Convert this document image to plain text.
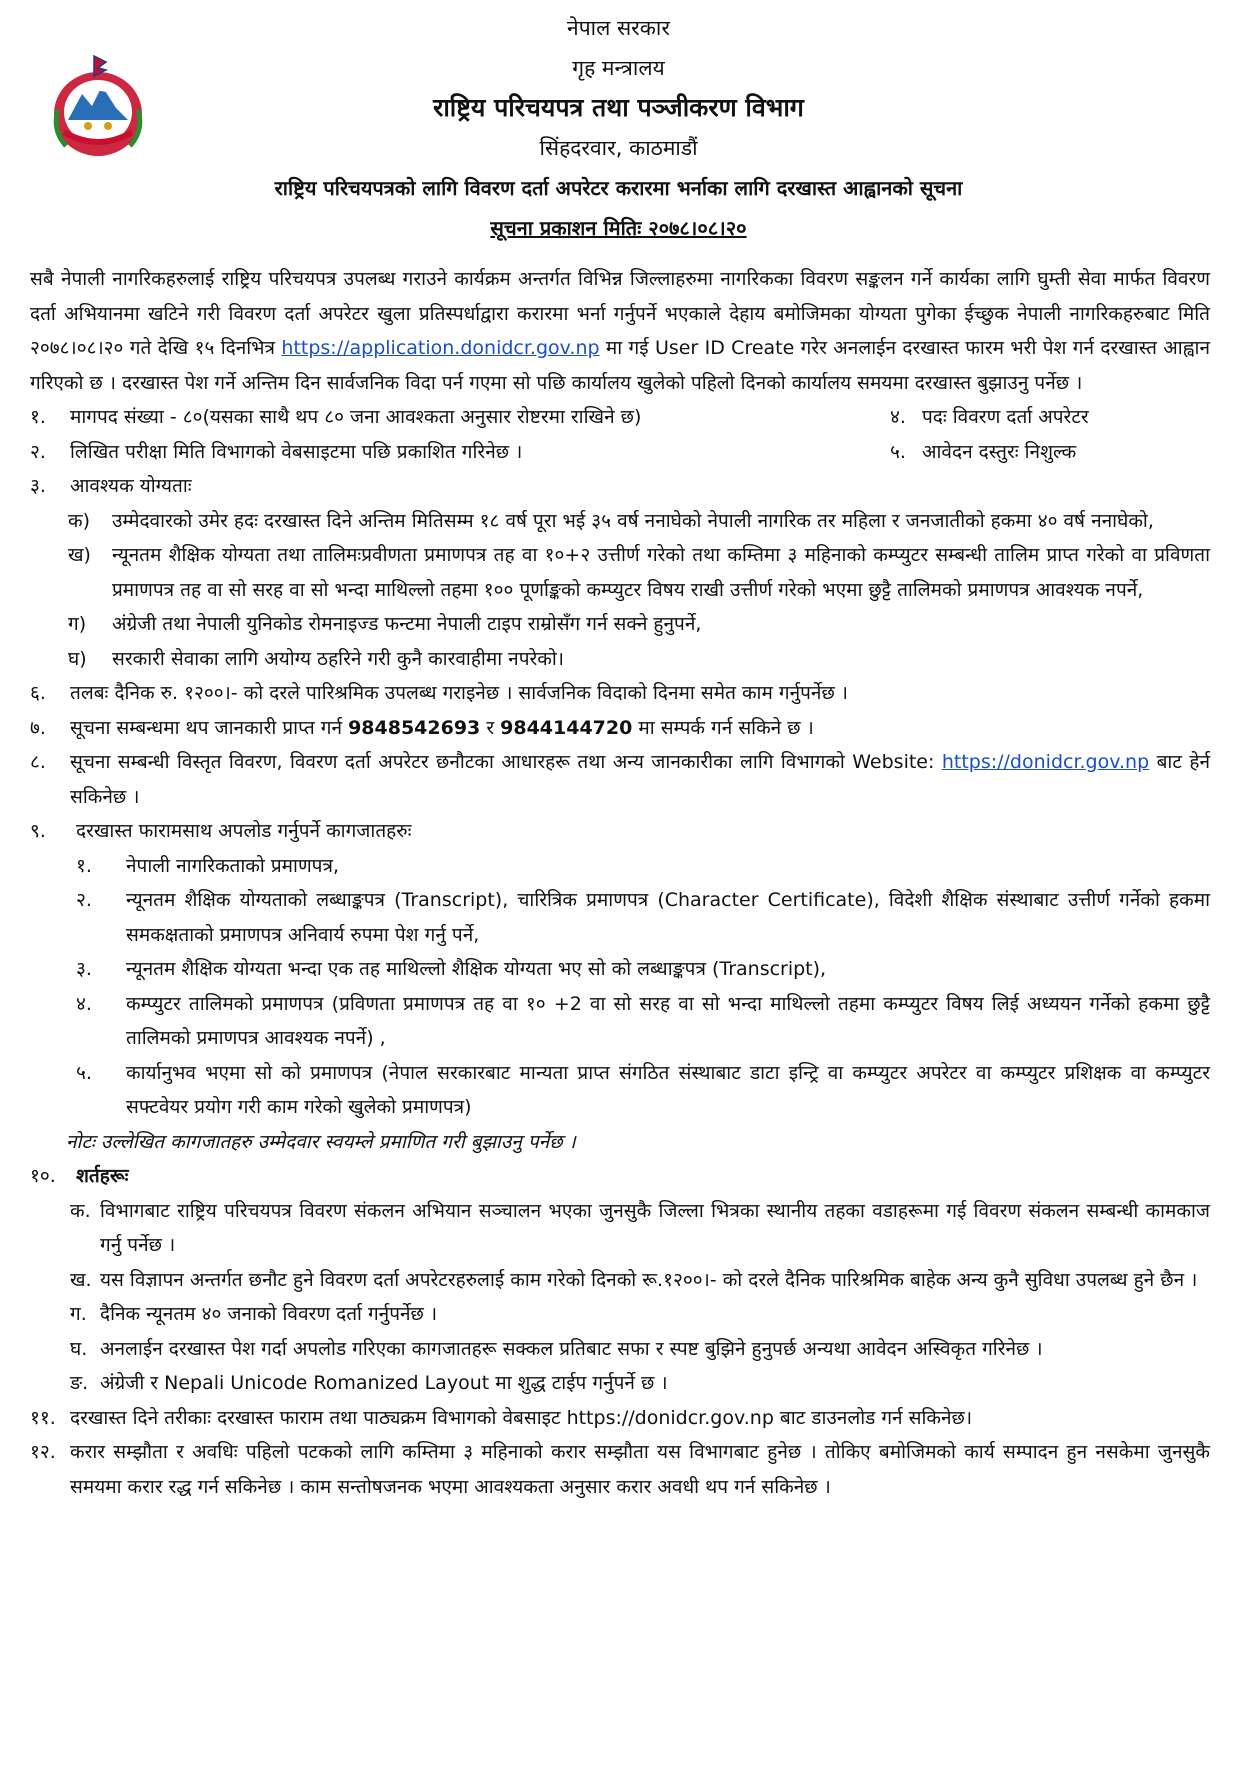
नेपाल सरकार
गृह मन्त्रालय
राष्ट्रिय परिचयपत्र तथा पञ्जीकरण विभाग
सिंहदरवार, काठमाडौं
राष्ट्रिय परिचयपत्रको लागि विवरण दर्ता अपरेटर करारमा भर्नाका लागि दरखास्त आह्वानको सूचना
सूचना प्रकाशन मितिः २०७८।०८।२०

सबै नेपाली नागरिकहरुलाई राष्ट्रिय परिचयपत्र उपलब्ध गराउने कार्यक्रम अन्तर्गत विभिन्न जिल्लाहरुमा नागरिकका विवरण सङ्कलन गर्ने कार्यका लागि घुम्ती सेवा मार्फत विवरण दर्ता अभियानमा खटिने गरी विवरण दर्ता अपरेटर खुला प्रतिस्पर्धाद्वारा करारमा भर्ना गर्नुपर्ने भएकाले देहाय बमोजिमका योग्यता पुगेका ईच्छुक नेपाली नागरिकहरुबाट मिति २०७८।०८।२० गते देखि १५ दिनभित्र https://application.donidcr.gov.np मा गई User ID Create गरेर अनलाईन दरखास्त फारम भरी पेश गर्न दरखास्त आह्वान गरिएको छ । दरखास्त पेश गर्ने अन्तिम दिन सार्वजनिक विदा पर्न गएमा सो पछि कार्यालय खुलेको पहिलो दिनको कार्यालय समयमा दरखास्त बुझाउनु पर्नेछ ।

१. मागपद संख्या - ८०(यसका साथै थप ८० जना आवश्कता अनुसार रोष्टरमा राखिने छ)	४. पदः विवरण दर्ता अपरेटर
२. लिखित परीक्षा मिति विभागको वेबसाइटमा पछि प्रकाशित गरिनेछ ।	५. आवेदन दस्तुरः निशुल्क
३. आवश्यक योग्यताः
क) उम्मेदवारको उमेर हदः दरखास्त दिने अन्तिम मितिसम्म १८ वर्ष पूरा भई ३५ वर्ष ननाघेको नेपाली नागरिक तर महिला र जनजातीको हकमा ४० वर्ष ननाघेको,
ख) न्यूनतम शैक्षिक योग्यता तथा तालिमःप्रवीणता प्रमाणपत्र तह वा १०+२ उत्तीर्ण गरेको तथा कम्तिमा ३ महिनाको कम्प्युटर सम्बन्धी तालिम प्राप्त गरेको वा प्रविणता प्रमाणपत्र तह वा सो सरह वा सो भन्दा माथिल्लो तहमा १०० पूर्णाङ्कको कम्प्युटर विषय राखी उत्तीर्ण गरेको भएमा छुट्टै तालिमको प्रमाणपत्र आवश्यक नपर्ने,
ग) अंग्रेजी तथा नेपाली युनिकोड रोमनाइज्ड फन्टमा नेपाली टाइप राम्रोसँग गर्न सक्ने हुनुपर्ने,
घ) सरकारी सेवाका लागि अयोग्य ठहरिने गरी कुनै कारवाहीमा नपरेको।
६. तलबः दैनिक रु. १२००।- को दरले पारिश्रमिक उपलब्ध गराइनेछ । सार्वजनिक विदाको दिनमा समेत काम गर्नुपर्नेछ ।
७. सूचना सम्बन्धमा थप जानकारी प्राप्त गर्न 9848542693 र 9844144720 मा सम्पर्क गर्न सकिने छ ।
८. सूचना सम्बन्धी विस्तृत विवरण, विवरण दर्ता अपरेटर छनौटका आधारहरू तथा अन्य जानकारीका लागि विभागको Website: https://donidcr.gov.np बाट हेर्न सकिनेछ ।
९. दरखास्त फारामसाथ अपलोड गर्नुपर्ने कागजातहरुः
१. नेपाली नागरिकताको प्रमाणपत्र,
२. न्यूनतम शैक्षिक योग्यताको लब्धाङ्कपत्र (Transcript), चारित्रिक प्रमाणपत्र (Character Certificate), विदेशी शैक्षिक संस्थाबाट उत्तीर्ण गर्नेको हकमा समकक्षताको प्रमाणपत्र अनिवार्य रुपमा पेश गर्नु पर्ने,
३. न्यूनतम शैक्षिक योग्यता भन्दा एक तह माथिल्लो शैक्षिक योग्यता भए सो को लब्धाङ्कपत्र (Transcript),
४. कम्प्युटर तालिमको प्रमाणपत्र (प्रविणता प्रमाणपत्र तह वा १० +2 वा सो सरह वा सो भन्दा माथिल्लो तहमा कम्प्युटर विषय लिई अध्ययन गर्नेको हकमा छुट्टै तालिमको प्रमाणपत्र आवश्यक नपर्ने) ,
५. कार्यानुभव भएमा सो को प्रमाणपत्र (नेपाल सरकारबाट मान्यता प्राप्त संगठित संस्थाबाट डाटा इन्ट्रि वा कम्प्युटर अपरेटर वा कम्प्युटर प्रशिक्षक वा कम्प्युटर सफ्टवेयर प्रयोग गरी काम गरेको खुलेको प्रमाणपत्र)
नोटः उल्लेखित कागजातहरु उम्मेदवार स्वयम्ले प्रमाणित गरी बुझाउनु पर्नेछ ।
१०. शर्तहरूः
क. विभागबाट राष्ट्रिय परिचयपत्र विवरण संकलन अभियान सञ्चालन भएका जुनसुकै जिल्ला भित्रका स्थानीय तहका वडाहरूमा गई विवरण संकलन सम्बन्धी कामकाज गर्नु पर्नेछ ।
ख. यस विज्ञापन अन्तर्गत छनौट हुने विवरण दर्ता अपरेटरहरुलाई काम गरेको दिनको रू.१२००।- को दरले दैनिक पारिश्रमिक बाहेक अन्य कुनै सुविधा उपलब्ध हुने छैन ।
ग. दैनिक न्यूनतम ४० जनाको विवरण दर्ता गर्नुपर्नेछ ।
घ. अनलाईन दरखास्त पेश गर्दा अपलोड गरिएका कागजातहरू सक्कल प्रतिबाट सफा र स्पष्ट बुझिने हुनुपर्छ अन्यथा आवेदन अस्विकृत गरिनेछ ।
ङ. अंग्रेजी र Nepali Unicode Romanized Layout मा शुद्ध टाईप गर्नुपर्ने छ ।
११. दरखास्त दिने तरीकाः दरखास्त फाराम तथा पाठ्यक्रम विभागको वेबसाइट https://donidcr.gov.np बाट डाउनलोड गर्न सकिनेछ।
१२. करार सम्झौता र अवधिः पहिलो पटकको लागि कम्तिमा ३ महिनाको करार सम्झौता यस विभागबाट हुनेछ । तोकिए बमोजिमको कार्य सम्पादन हुन नसकेमा जुनसुकै समयमा करार रद्ध गर्न सकिनेछ । काम सन्तोषजनक भएमा आवश्यकता अनुसार करार अवधी थप गर्न सकिनेछ ।
